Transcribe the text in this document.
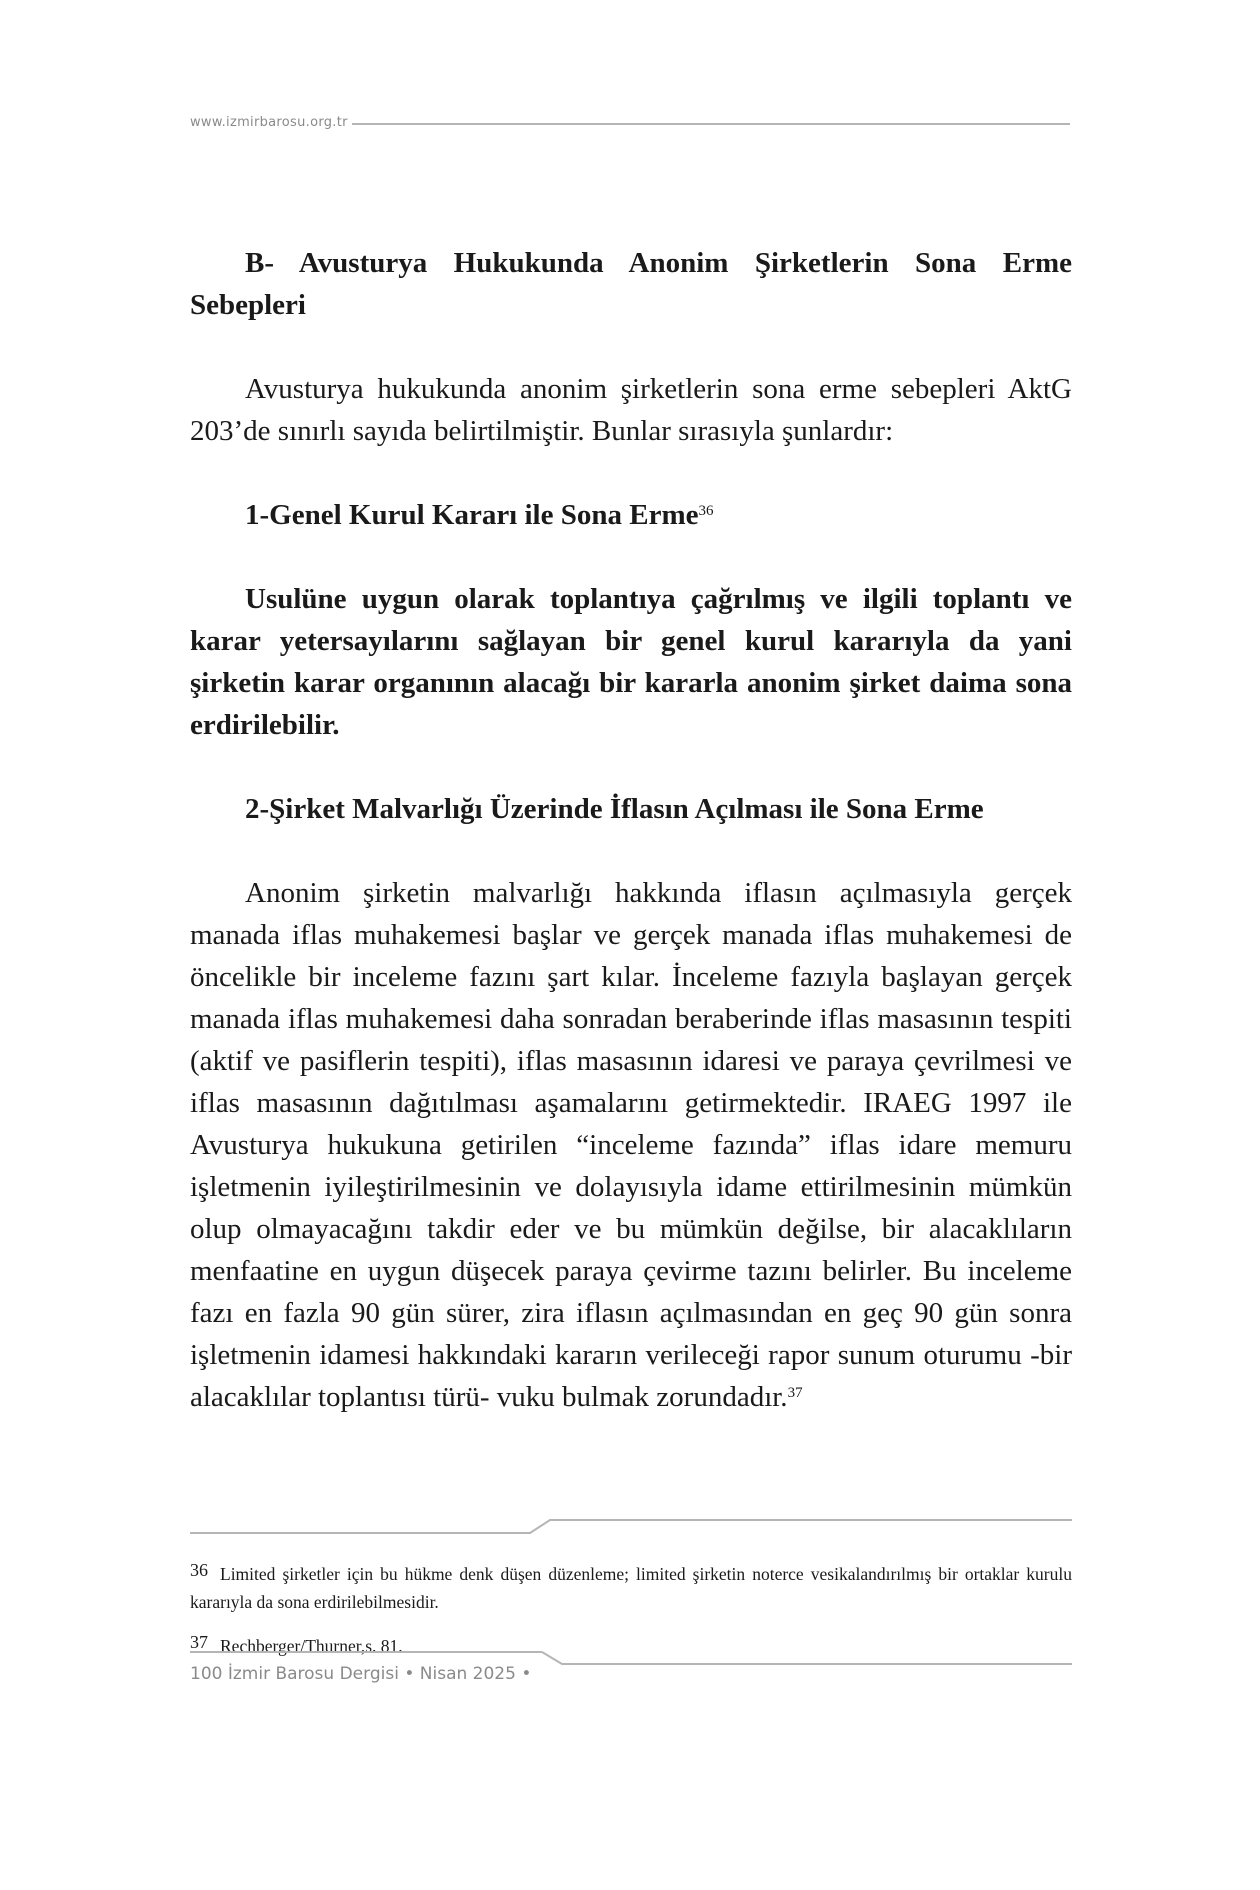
www.izmirbarosu.org.tr

B- Avusturya Hukukunda Anonim Şirketlerin Sona Erme Sebepleri

Avusturya hukukunda anonim şirketlerin sona erme sebepleri AktG 203’de sınırlı sayıda belirtilmiştir. Bunlar sırasıyla şunlardır:

1-Genel Kurul Kararı ile Sona Erme$^{36}$

Usulüne uygun olarak toplantıya çağrılmış ve ilgili toplantı ve karar yetersayılarını sağlayan bir genel kurul kararıyla da yani şirketin karar organının alacağı bir kararla anonim şirket daima sona erdirilebilir.

2-Şirket Malvarlığı Üzerinde İflasın Açılması ile Sona Erme

Anonim şirketin malvarlığı hakkında iflasın açılmasıyla gerçek manada iflas muhakemesi başlar ve gerçek manada iflas muhakemesi de öncelikle bir inceleme fazını şart kılar. İnceleme fazıyla başlayan gerçek manada iflas muhakemesi daha sonradan beraberinde iflas masasının tespiti (aktif ve pasiflerin tespiti), iflas masasının idaresi ve paraya çevrilmesi ve iflas masasının dağıtılması aşamalarını getirmektedir. IRAEG 1997 ile Avusturya hukukuna getirilen “inceleme fazında” iflas idare memuru işletmenin iyileştirilmesinin ve dolayısıyla idame ettirilmesinin mümkün olup olmayacağını takdir eder ve bu mümkün değilse, bir alacaklıların menfaatine en uygun düşecek paraya çevirme tazını belirler. Bu inceleme fazı en fazla 90 gün sürer, zira iflasın açılmasından en geç 90 gün sonra işletmenin idamesi hakkındaki kararın verileceği rapor sunum oturumu -bir alacaklılar toplantısı türü- vuku bulmak zorundadır.$^{37}$

36 Limited şirketler için bu hükme denk düşen düzenleme; limited şirketin noterce vesikalandırılmış bir ortaklar kurulu kararıyla da sona erdirilebilmesidir.

37 Rechberger/Thurner,s. 81.

100 İzmir Barosu Dergisi • Nisan 2025 •
